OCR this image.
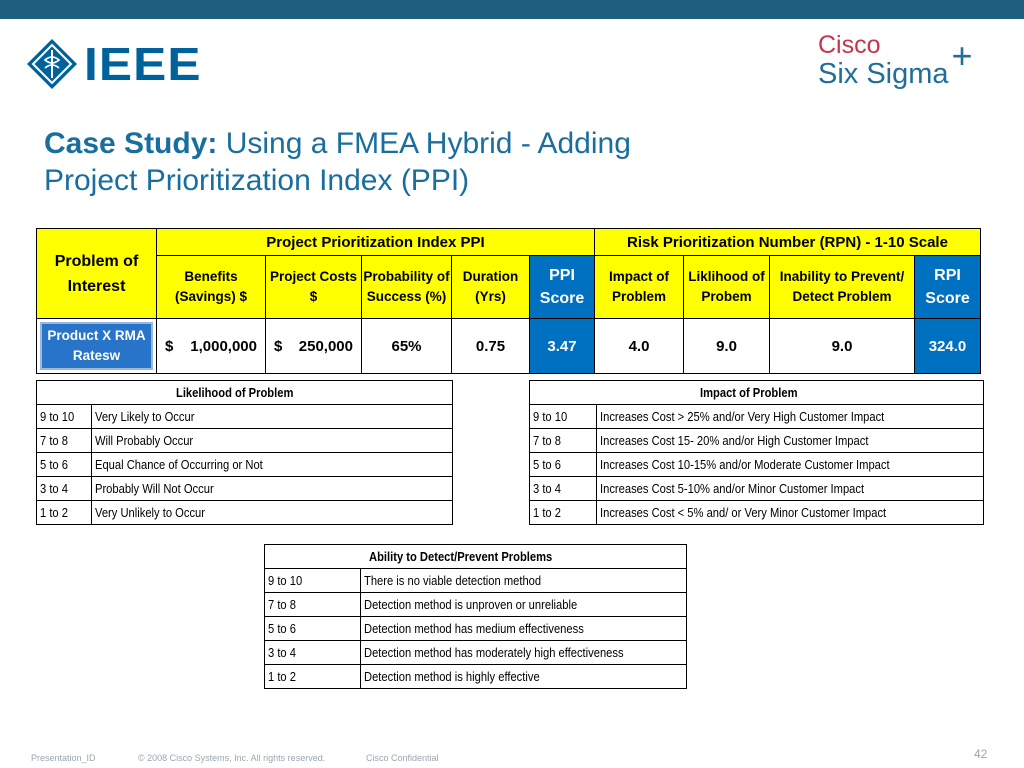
IEEE	Cisco
Six Sigma +
Case Study: Using a FMEA Hybrid - Adding
Project Prioritization Index (PPI)
Problem of Interest	Project Prioritization Index PPI					Risk Prioritization Number (RPN) - 1-10 Scale			
	Benefits (Savings) $	Project Costs $	Probability of Success (%)	Duration (Yrs)	PPI Score	Impact of Problem	Liklihood of Probem	Inability to Prevent/ Detect Problem	RPI Score

Product X RMA Ratesw	$ 1,000,000	$ 250,000	65%	0.75	3.47	4.0	9.0	9.0	324.0
Likelihood of Problem	
9 to 10	Very Likely to Occur
7 to 8	Will Probably Occur
5 to 6	Equal Chance of Occurring or Not
3 to 4	Probably Will Not Occur
1 to 2	Very Unlikely to Occur
Impact of Problem	
9 to 10	Increases Cost > 25% and/or Very High Customer Impact
7 to 8	Increases Cost 15- 20% and/or High Customer Impact
5 to 6	Increases Cost 10-15% and/or Moderate Customer Impact
3 to 4	Increases Cost 5-10% and/or Minor Customer Impact
1 to 2	Increases Cost < 5% and/ or Very Minor Customer Impact
Ability to Detect/Prevent Problems	
9 to 10	There is no viable detection method
7 to 8	Detection method is unproven or unreliable
5 to 6	Detection method has medium effectiveness
3 to 4	Detection method has moderately high effectiveness
1 to 2	Detection method is highly effective
Presentation_ID	© 2008 Cisco Systems, Inc. All rights reserved.	Cisco Confidential	42
